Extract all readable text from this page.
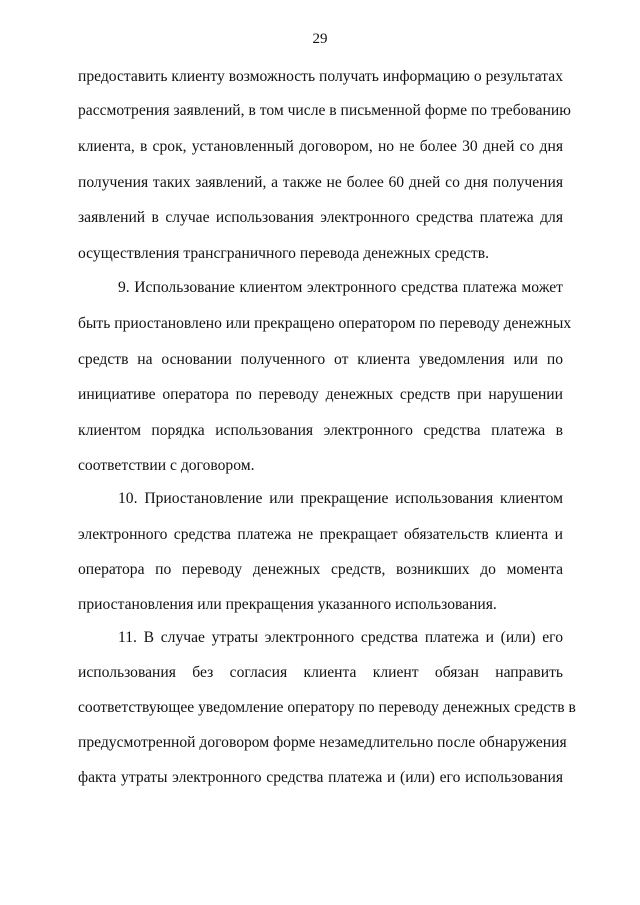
29
предоставить клиенту возможность получать информацию о результатах
рассмотрения заявлений, в том числе в письменной форме по требованию
клиента, в срок, установленный договором, но не более 30 дней со дня
получения таких заявлений, а также не более 60 дней со дня получения
заявлений в случае использования электронного средства платежа для
осуществления трансграничного перевода денежных средств.
9. Использование клиентом электронного средства платежа может
быть приостановлено или прекращено оператором по переводу денежных
средств на основании полученного от клиента уведомления или по
инициативе оператора по переводу денежных средств при нарушении
клиентом порядка использования электронного средства платежа в
соответствии с договором.
10. Приостановление или прекращение использования клиентом
электронного средства платежа не прекращает обязательств клиента и
оператора по переводу денежных средств, возникших до момента
приостановления или прекращения указанного использования.
11. В случае утраты электронного средства платежа и (или) его
использования без согласия клиента клиент обязан направить
соответствующее уведомление оператору по переводу денежных средств в
предусмотренной договором форме незамедлительно после обнаружения
факта утраты электронного средства платежа и (или) его использования
